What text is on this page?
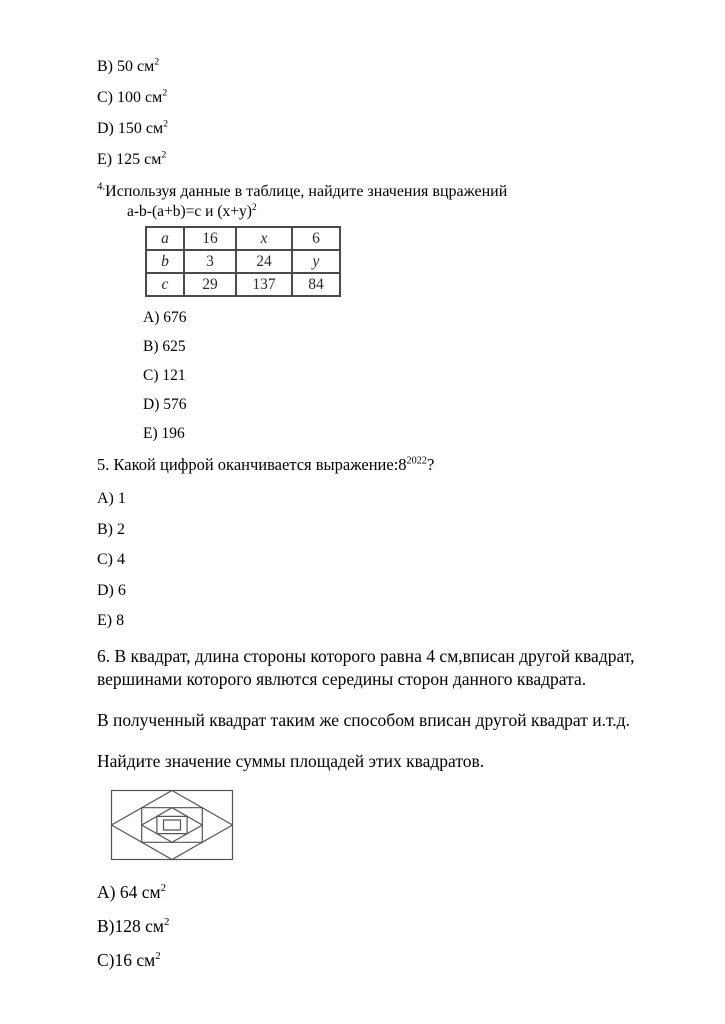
B) 50 $см^2$
C) 100 $см^2$
D) 150 $см^2$
E) 125 $см^2$
$^{4.}$Используя данные в таблице, найдите значения вцражений
a-b-(a+b)=c и $(x+y)^2$
a	16	x	6
b	3	24	y
c	29	137	84
A) 676
B) 625
C) 121
D) 576
E) 196
5. Какой цифрой оканчивается $выражение:8^{2022}$?
A) 1
B) 2
C) 4
D) 6
E) 8
6. В квадрат, длина стороны которого равна 4 см,вписан другой квадрат, вершинами которого явлются середины сторон данного квадрата.
В полученный квадрат таким же способом вписан другой квадрат и.т.д.
Найдите значение суммы площадей этих квадратов.
A) 64 $см^2$
B)128 $см^2$
C)16 $см^2$
